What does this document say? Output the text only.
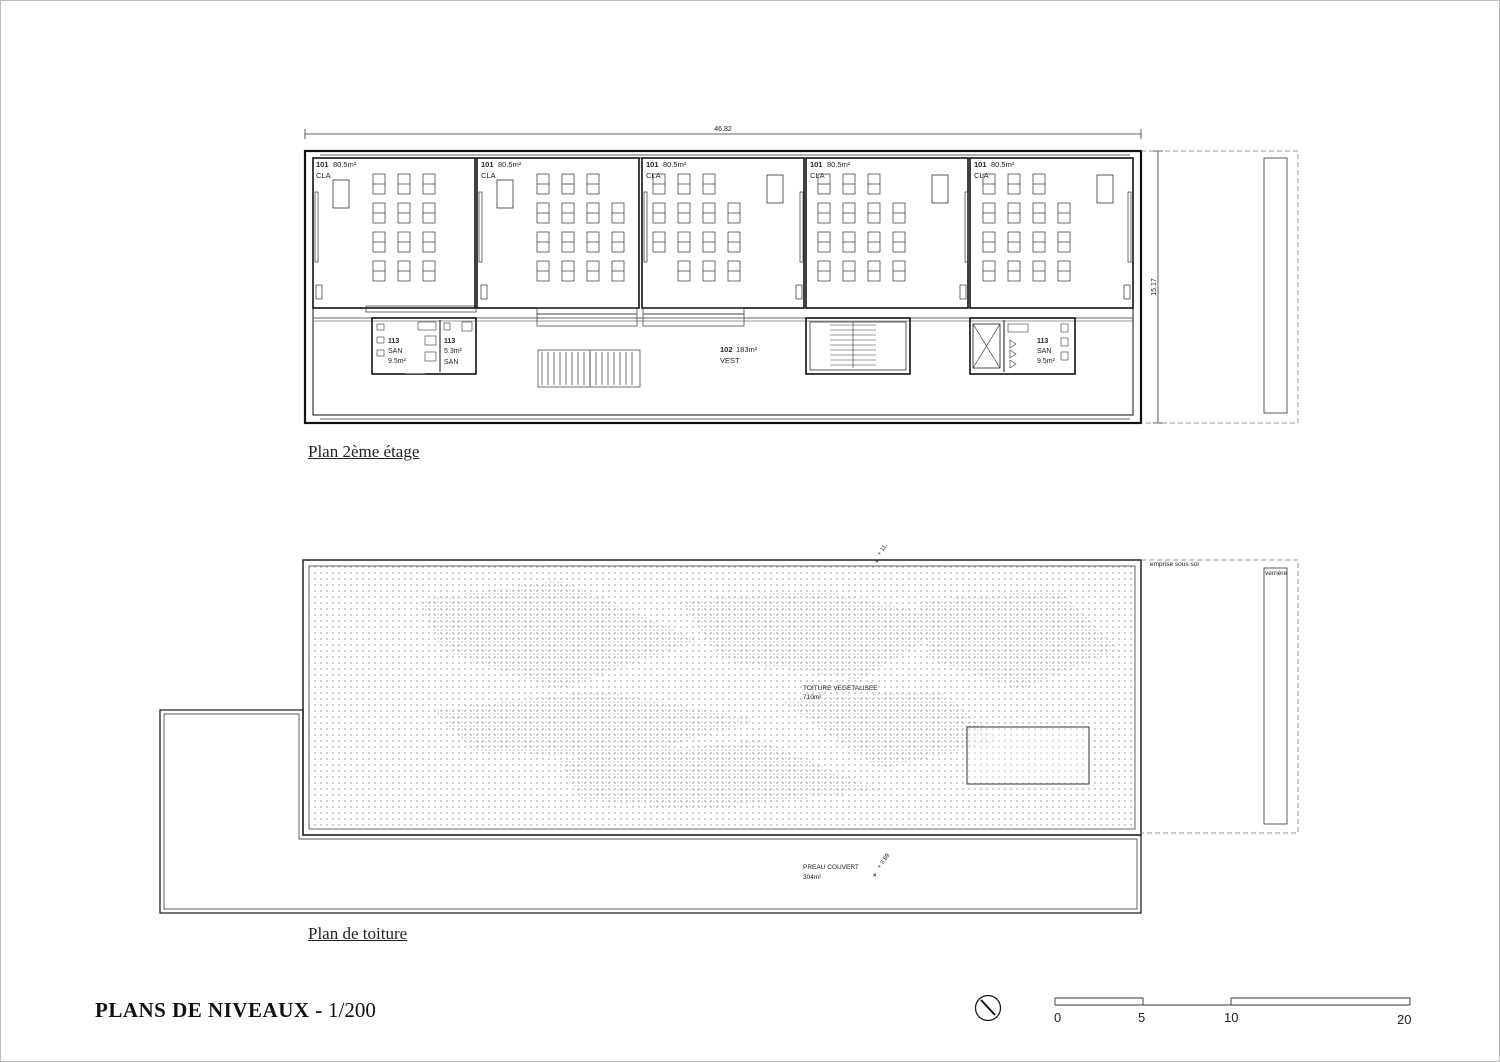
46.82
15.17
101 80.5m²
CLA
101 80.5m²
CLA
101 80.5m²
CLA
101 80.5m²
CLA
101 80.5m²
CLA
113
SAN
9.5m²
113
5.3m²
SAN
113
SAN
9.5m²
102 183m²
VEST
emprise sous sol
verrière
TOITURE VEGETALISEE
710m²
PREAU COUVERT
304m²
×
+ 11.
×
+ 3.89
0	5	10	20
Plan 2ème étage
Plan de toiture
PLANS DE NIVEAUX - 1/200
